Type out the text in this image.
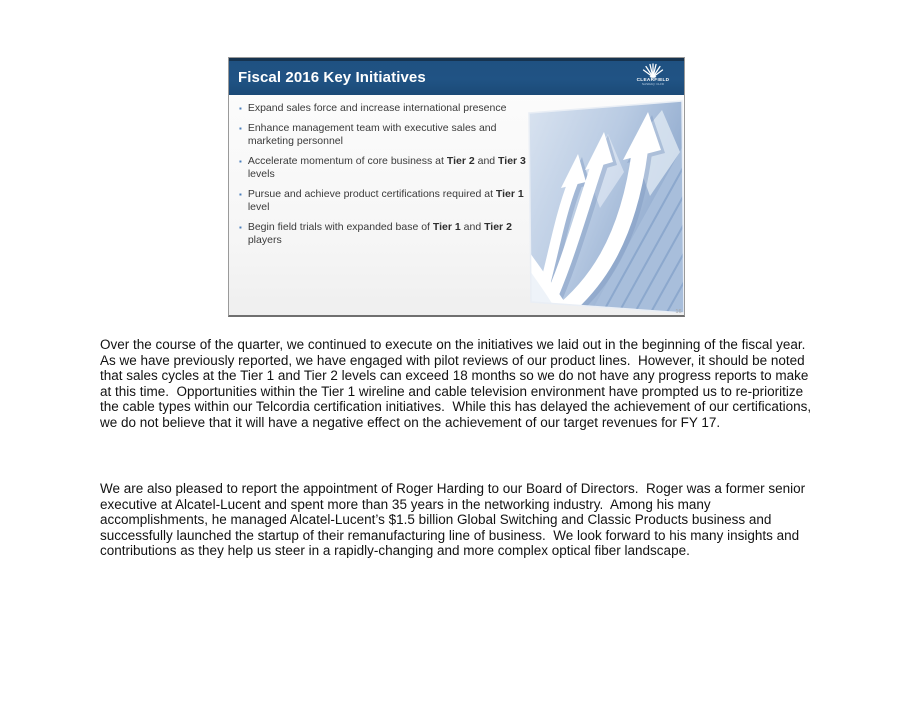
Fiscal 2016 Key Initiatives	CLEARFIELD
NASDAQ: CLFD
▪ Expand sales force and increase international presence
▪ Enhance management team with executive sales and marketing personnel
▪ Accelerate momentum of core business at Tier 2 and Tier 3 levels
▪ Pursue and achieve product certifications required at Tier 1 level
▪ Begin field trials with expanded base of Tier 1 and Tier 2 players
16
Over the course of the quarter, we continued to execute on the initiatives we laid out in the beginning of the fiscal year.  As we have previously reported, we have engaged with pilot reviews of our product lines.  However, it should be noted that sales cycles at the Tier 1 and Tier 2 levels can exceed 18 months so we do not have any progress reports to make at this time.  Opportunities within the Tier 1 wireline and cable television environment have prompted us to re-prioritize the cable types within our Telcordia certification initiatives.  While this has delayed the achievement of our certifications, we do not believe that it will have a negative effect on the achievement of our target revenues for FY 17.
We are also pleased to report the appointment of Roger Harding to our Board of Directors.  Roger was a former senior executive at Alcatel-Lucent and spent more than 35 years in the networking industry.  Among his many accomplishments, he managed Alcatel-Lucent’s $1.5 billion Global Switching and Classic Products business and successfully launched the startup of their remanufacturing line of business.  We look forward to his many insights and contributions as they help us steer in a rapidly-changing and more complex optical fiber landscape.
